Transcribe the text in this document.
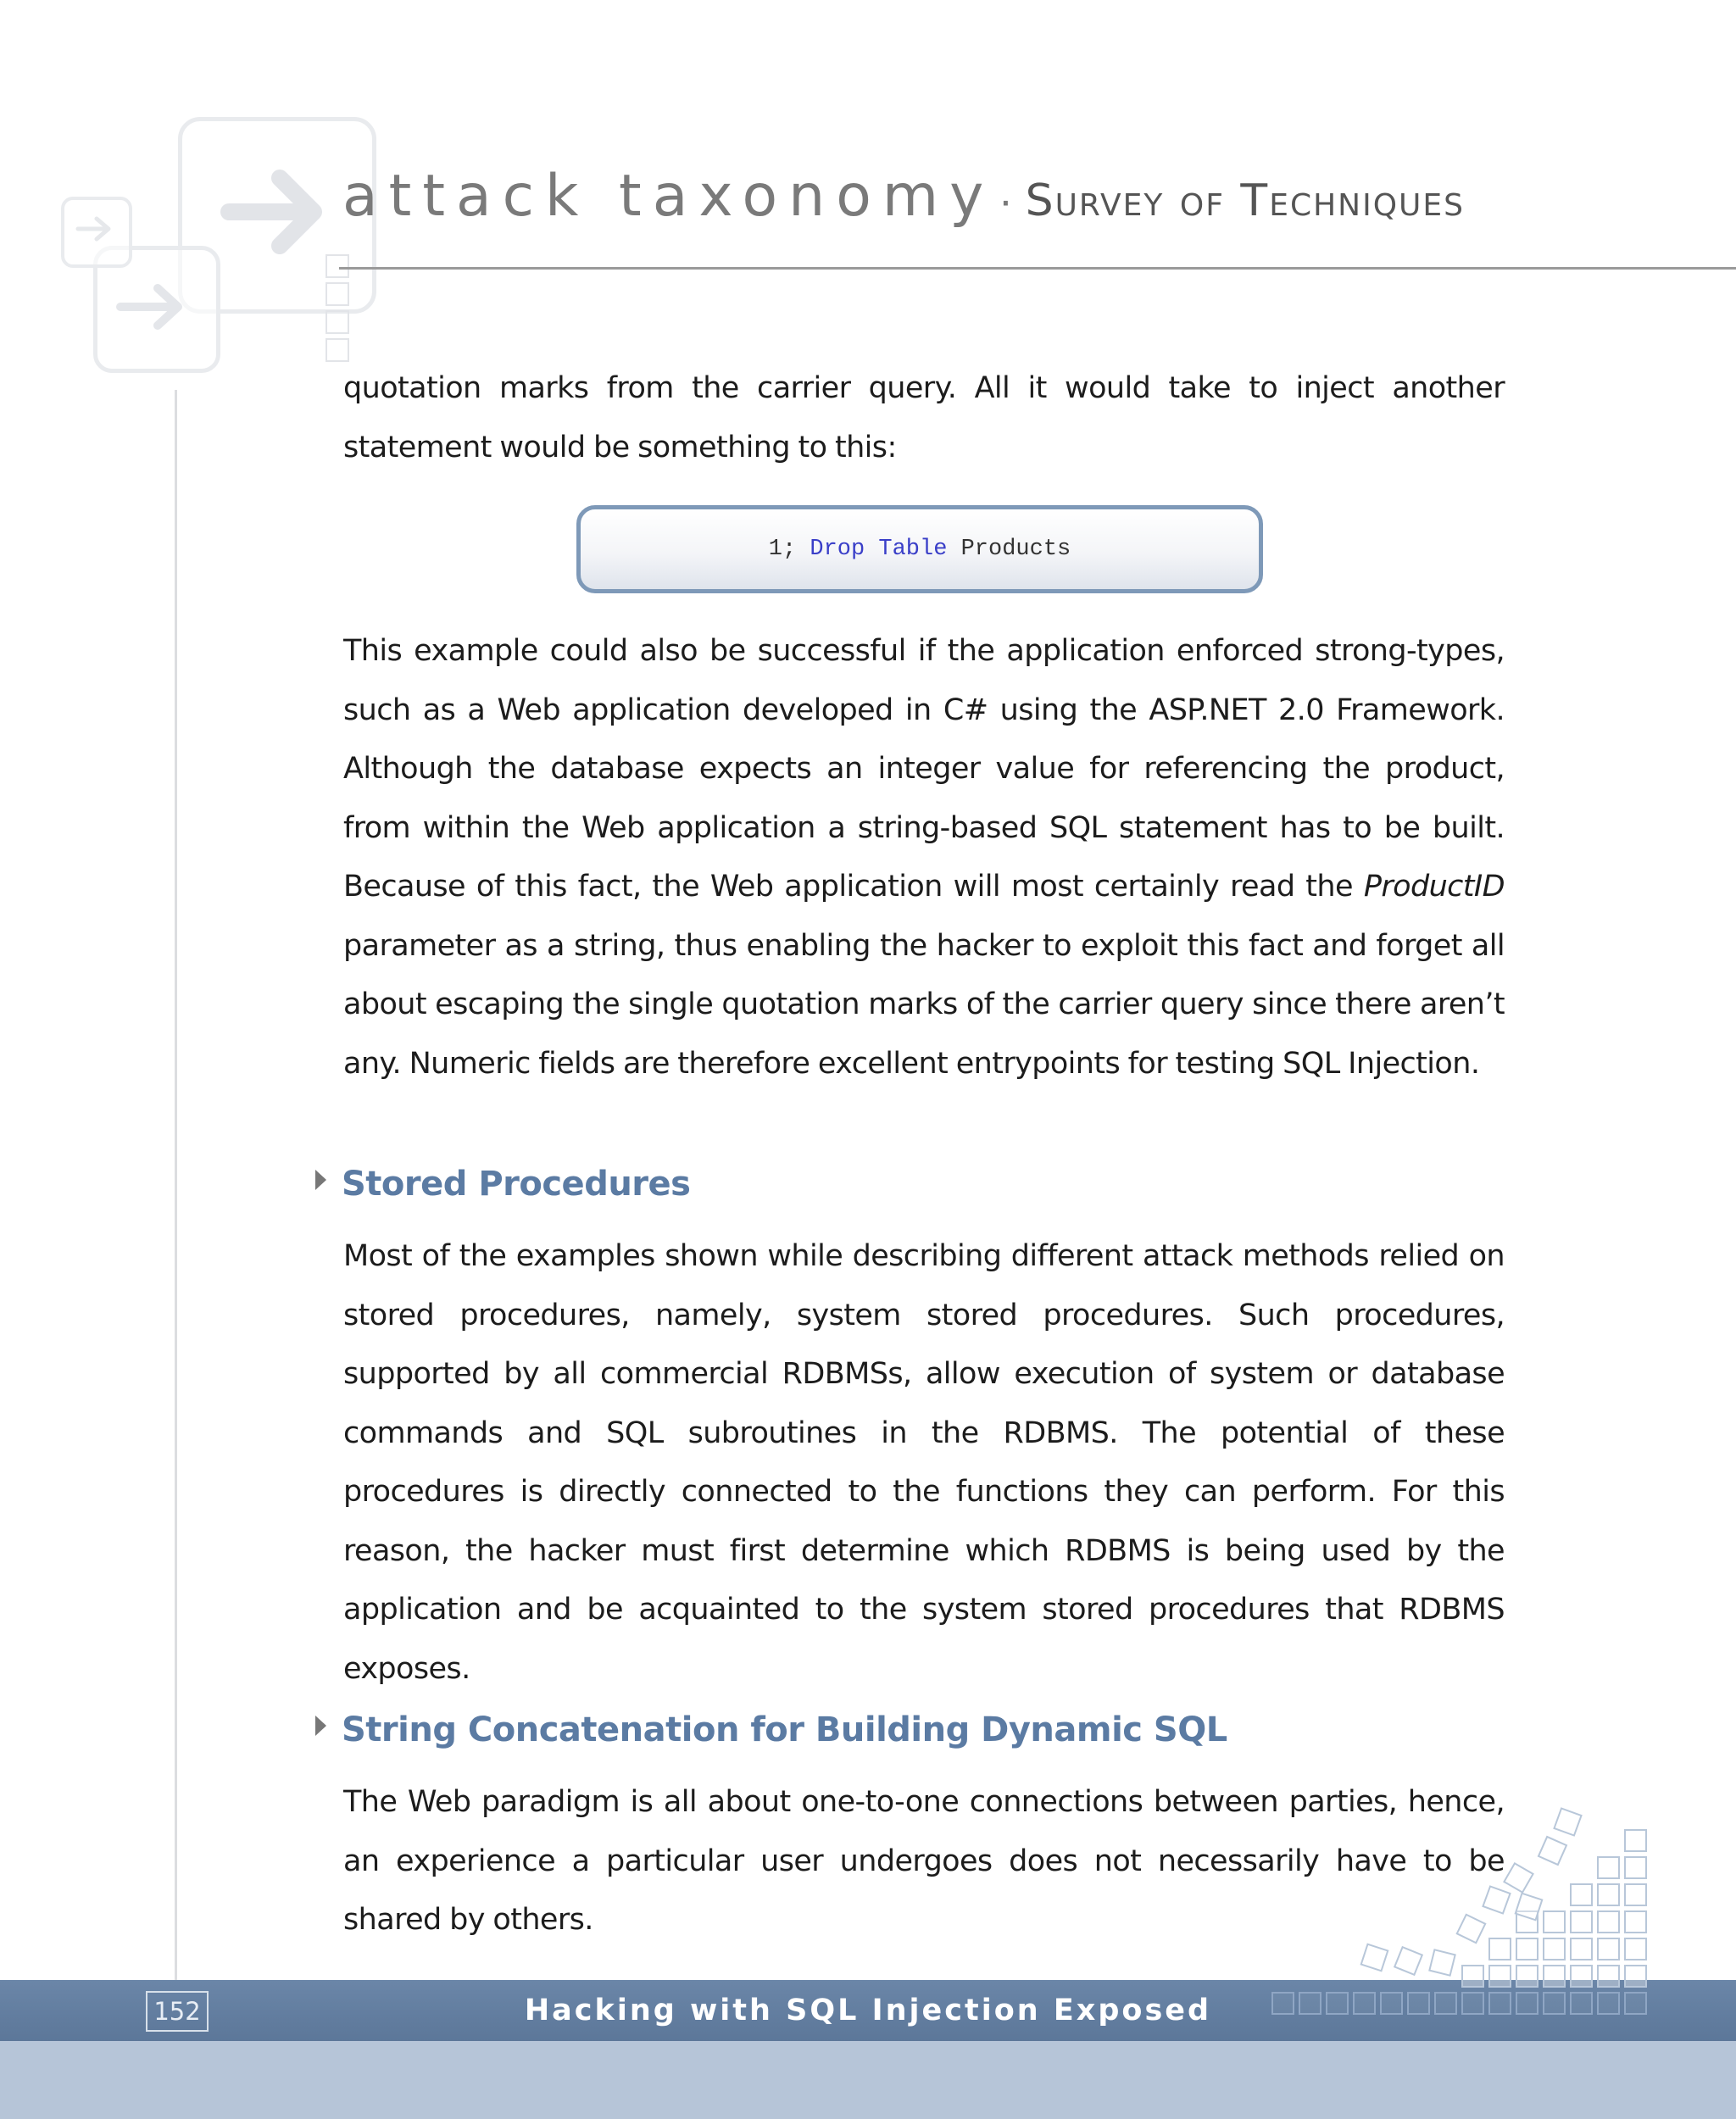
attack taxonomy · Survey of Techniques
quotation marks from the carrier query. All it would take to inject another statement would be something to this:
1; Drop Table Products
This example could also be successful if the application enforced strong-types, such as a Web application developed in C# using the ASP.NET 2.0 Framework. Although the database expects an integer value for referencing the product, from within the Web application a string-based SQL statement has to be built. Because of this fact, the Web application will most certainly read the ProductID parameter as a string, thus enabling the hacker to exploit this fact and forget all about escaping the single quotation marks of the carrier query since there aren’t any. Numeric fields are therefore excellent entrypoints for testing SQL Injection.
Stored Procedures
Most of the examples shown while describing different attack methods relied on stored procedures, namely, system stored procedures. Such procedures, supported by all commercial RDBMSs, allow execution of system or database commands and SQL subroutines in the RDBMS. The potential of these procedures is directly connected to the functions they can perform. For this reason, the hacker must first determine which RDBMS is being used by the application and be acquainted to the system stored procedures that RDBMS exposes.
String Concatenation for Building Dynamic SQL
The Web paradigm is all about one-to-one connections between parties, hence, an experience a particular user undergoes does not necessarily have to be shared by others.
152	Hacking with SQL Injection Exposed
